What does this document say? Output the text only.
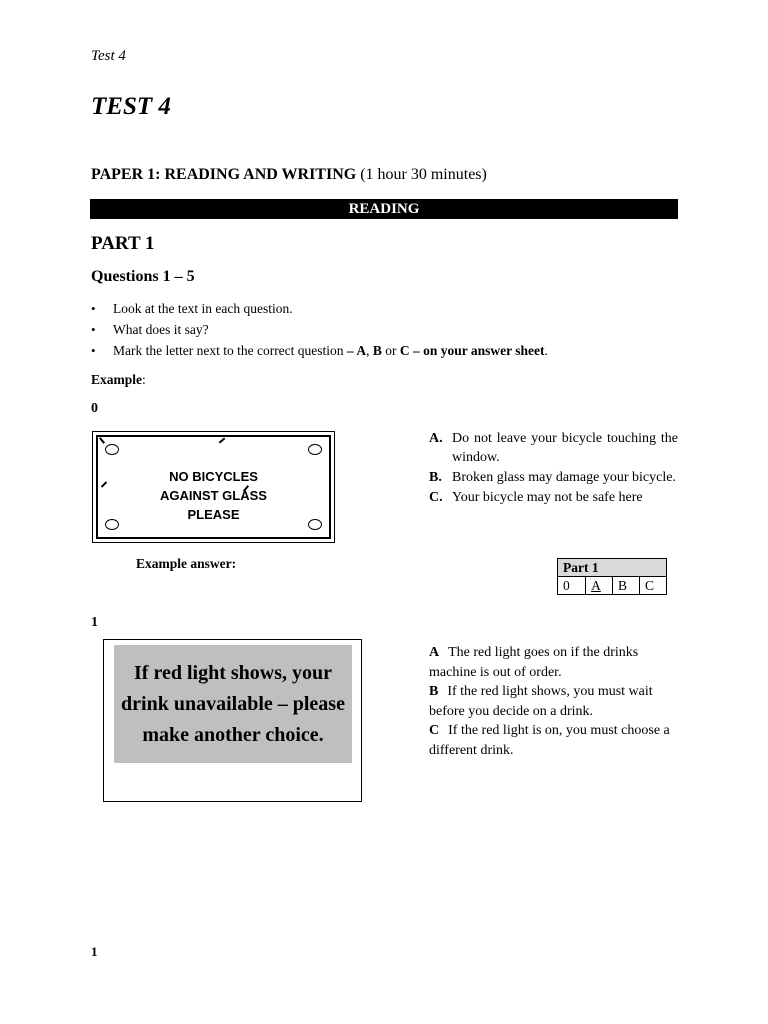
Test 4
TEST 4
PAPER 1: READING AND WRITING (1 hour 30 minutes)
READING
PART 1
Questions 1 – 5
• Look at the text in each question.
• What does it say?
• Mark the letter next to the correct question – A, B or C – on your answer sheet.
Example:
0
NO BICYCLES
AGAINST GLASS
PLEASE
A. Do not leave your bicycle touching the window.
B. Broken glass may damage your bicycle.
C. Your bicycle may not be safe here
Example answer:	Part 1
0	A	B	C
1
If red light shows, your drink unavailable – please make another choice.
A The red light goes on if the drinks machine is out of order.
B If the red light shows, you must wait before you decide on a drink.
C If the red light is on, you must choose a different drink.
1
